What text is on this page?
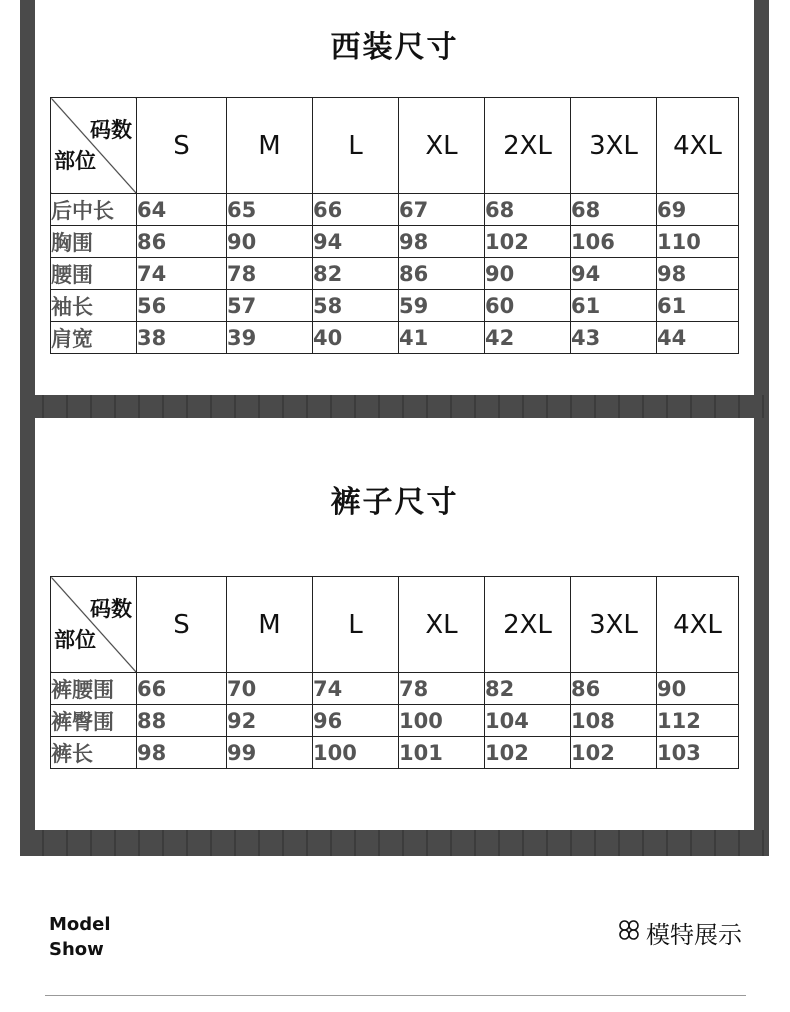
西装尺寸
码数
部位	S	M	L	XL	2XL	3XL	4XL
后中长	64	65	66	67	68	68	69
胸围	86	90	94	98	102	106	110
腰围	74	78	82	86	90	94	98
袖长	56	57	58	59	60	61	61
肩宽	38	39	40	41	42	43	44
裤子尺寸
码数
部位	S	M	L	XL	2XL	3XL	4XL
裤腰围	66	70	74	78	82	86	90
裤臀围	88	92	96	100	104	108	112
裤长	98	99	100	101	102	102	103
Model
Show
模特展示
